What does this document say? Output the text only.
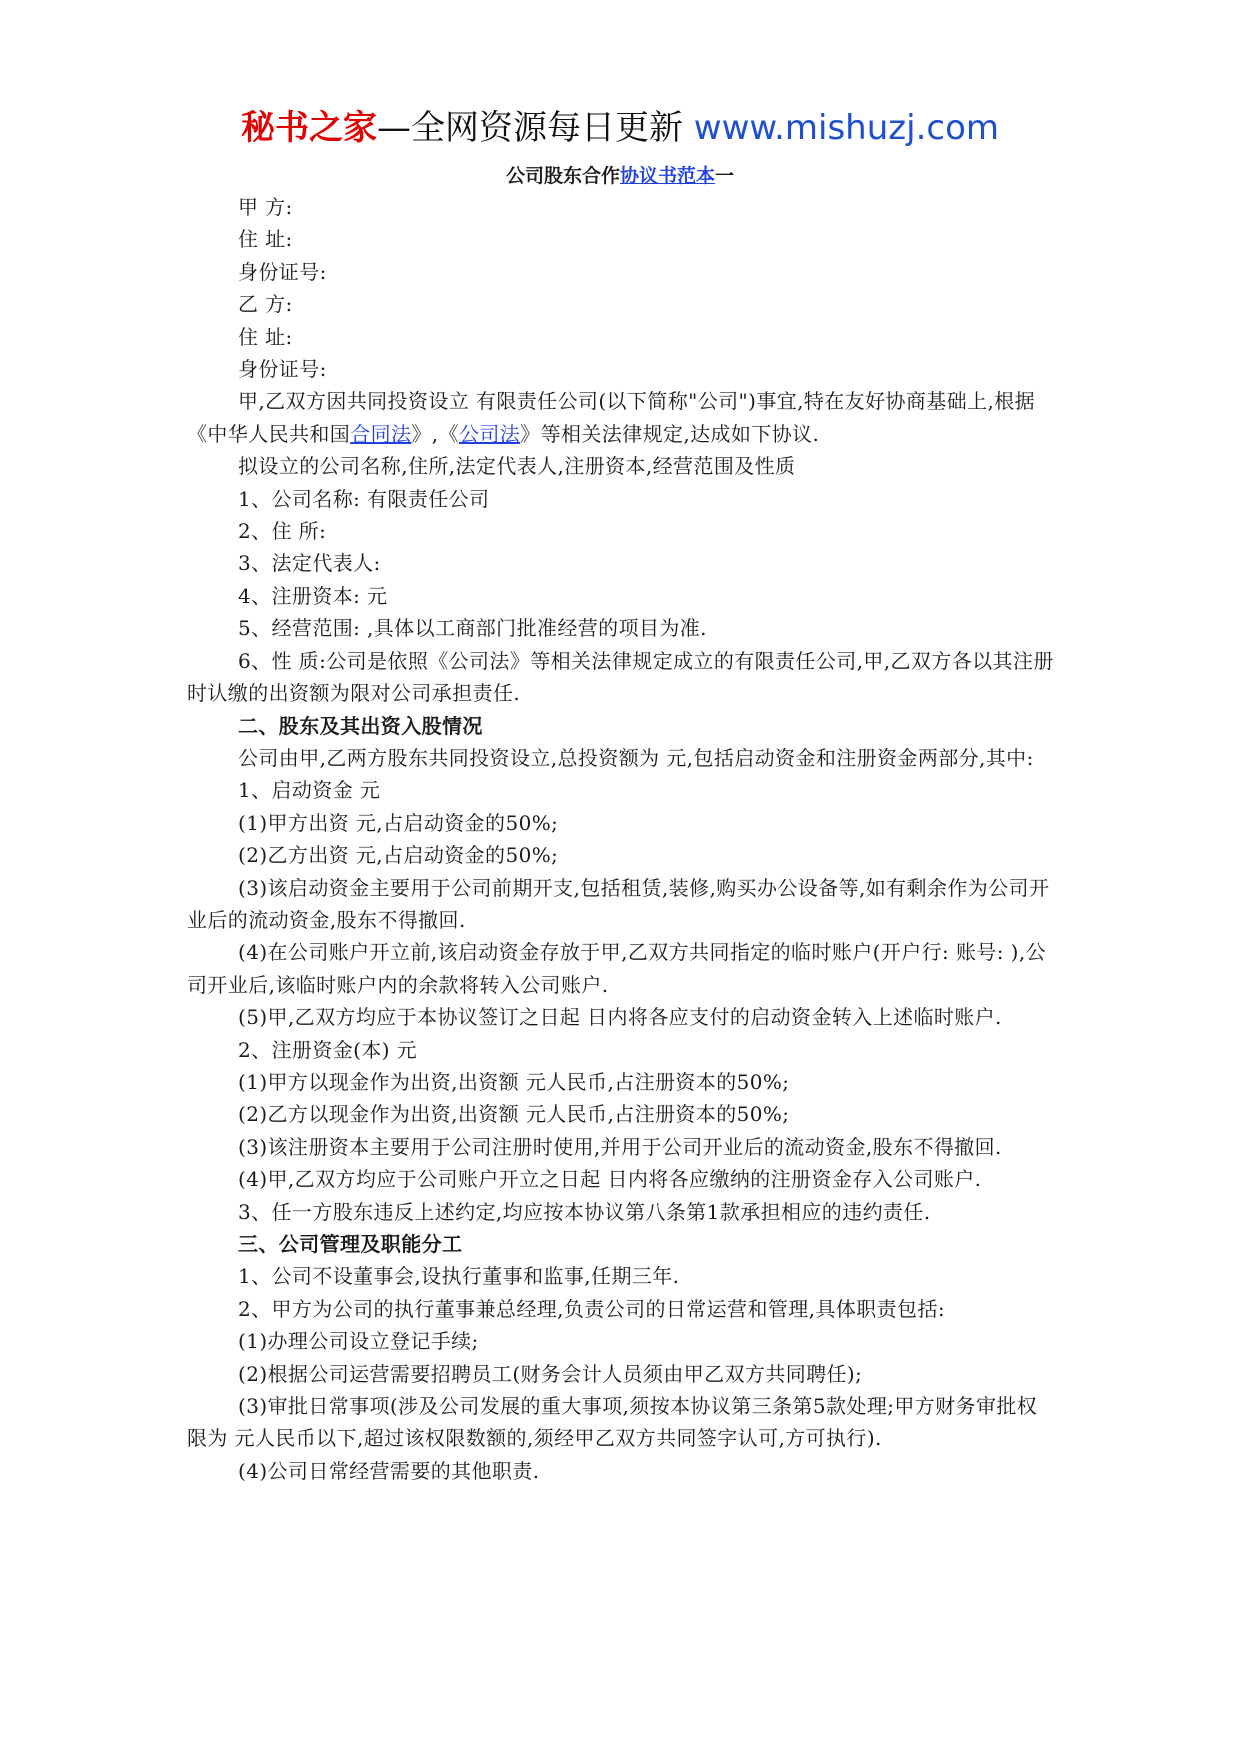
秘书之家—全网资源每日更新 www.mishuzj.com
公司股东合作协议书范本一

甲 方:

住 址:

身份证号:

乙 方:

住 址:

身份证号:

甲,乙双方因共同投资设立 有限责任公司(以下简称"公司")事宜,特在友好协商基础上,根据《中华人民共和国合同法》,《公司法》等相关法律规定,达成如下协议.

拟设立的公司名称,住所,法定代表人,注册资本,经营范围及性质

1、公司名称: 有限责任公司

2、住 所:

3、法定代表人:

4、注册资本: 元

5、经营范围: ,具体以工商部门批准经营的项目为准.

6、性 质:公司是依照《公司法》等相关法律规定成立的有限责任公司,甲,乙双方各以其注册时认缴的出资额为限对公司承担责任.

二、股东及其出资入股情况

公司由甲,乙两方股东共同投资设立,总投资额为 元,包括启动资金和注册资金两部分,其中:

1、启动资金 元

(1)甲方出资 元,占启动资金的50%;

(2)乙方出资 元,占启动资金的50%;

(3)该启动资金主要用于公司前期开支,包括租赁,装修,购买办公设备等,如有剩余作为公司开业后的流动资金,股东不得撤回.

(4)在公司账户开立前,该启动资金存放于甲,乙双方共同指定的临时账户(开户行: 账号: ),公司开业后,该临时账户内的余款将转入公司账户.

(5)甲,乙双方均应于本协议签订之日起 日内将各应支付的启动资金转入上述临时账户.

2、注册资金(本) 元

(1)甲方以现金作为出资,出资额 元人民币,占注册资本的50%;

(2)乙方以现金作为出资,出资额 元人民币,占注册资本的50%;

(3)该注册资本主要用于公司注册时使用,并用于公司开业后的流动资金,股东不得撤回.

(4)甲,乙双方均应于公司账户开立之日起 日内将各应缴纳的注册资金存入公司账户.

3、任一方股东违反上述约定,均应按本协议第八条第1款承担相应的违约责任.

三、公司管理及职能分工

1、公司不设董事会,设执行董事和监事,任期三年.

2、甲方为公司的执行董事兼总经理,负责公司的日常运营和管理,具体职责包括:

(1)办理公司设立登记手续;

(2)根据公司运营需要招聘员工(财务会计人员须由甲乙双方共同聘任);

(3)审批日常事项(涉及公司发展的重大事项,须按本协议第三条第5款处理;甲方财务审批权限为 元人民币以下,超过该权限数额的,须经甲乙双方共同签字认可,方可执行).

(4)公司日常经营需要的其他职责.
